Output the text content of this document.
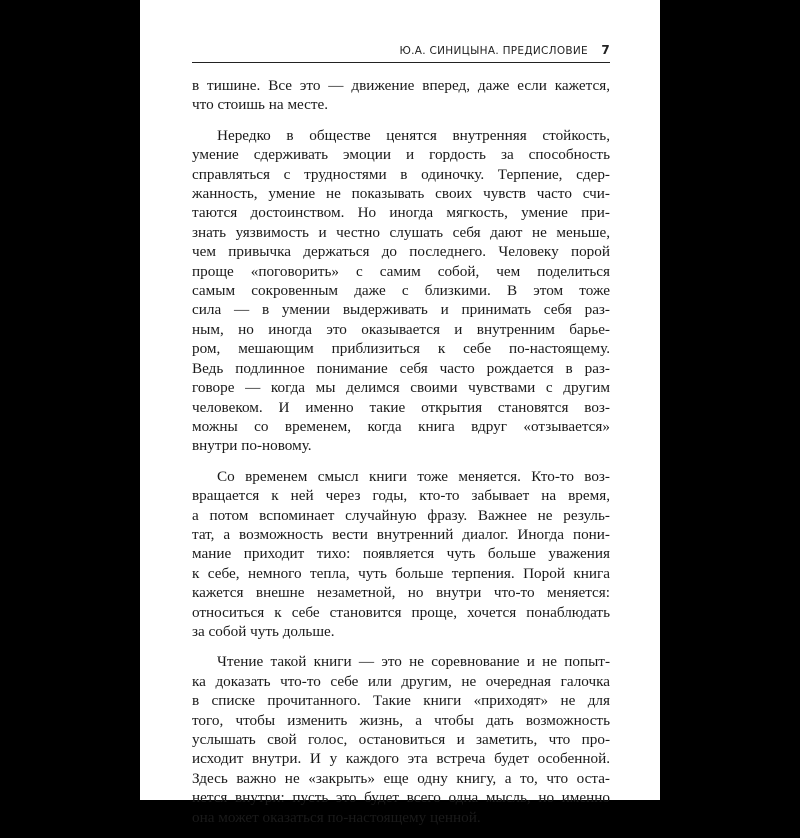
Ю.А. СИНИЦЫНА. ПРЕДИСЛОВИЕ 7

в тишине. Все это — движение вперед, даже если кажется,
что стоишь на месте.

Нередко в обществе ценятся внутренняя стойкость,
умение сдерживать эмоции и гордость за способность
справляться с трудностями в одиночку. Терпение, сдер-
жанность, умение не показывать своих чувств часто счи-
таются достоинством. Но иногда мягкость, умение при-
знать уязвимость и честно слушать себя дают не меньше,
чем привычка держаться до последнего. Человеку порой
проще «поговорить» с самим собой, чем поделиться
самым сокровенным даже с близкими. В этом тоже
сила — в умении выдерживать и принимать себя раз-
ным, но иногда это оказывается и внутренним барье-
ром, мешающим приблизиться к себе по-настоящему.
Ведь подлинное понимание себя часто рождается в раз-
говоре — когда мы делимся своими чувствами с другим
человеком. И именно такие открытия становятся воз-
можны со временем, когда книга вдруг «отзывается»
внутри по-новому.

Со временем смысл книги тоже меняется. Кто-то воз-
вращается к ней через годы, кто-то забывает на время,
а потом вспоминает случайную фразу. Важнее не резуль-
тат, а возможность вести внутренний диалог. Иногда пони-
мание приходит тихо: появляется чуть больше уважения
к себе, немного тепла, чуть больше терпения. Порой книга
кажется внешне незаметной, но внутри что-то меняется:
относиться к себе становится проще, хочется понаблюдать
за собой чуть дольше.

Чтение такой книги — это не соревнование и не попыт-
ка доказать что-то себе или другим, не очередная галочка
в списке прочитанного. Такие книги «приходят» не для
того, чтобы изменить жизнь, а чтобы дать возможность
услышать свой голос, остановиться и заметить, что про-
исходит внутри. И у каждого эта встреча будет особенной.
Здесь важно не «закрыть» еще одну книгу, а то, что оста-
нется внутри: пусть это будет всего одна мысль, но именно
она может оказаться по-настоящему ценной.
